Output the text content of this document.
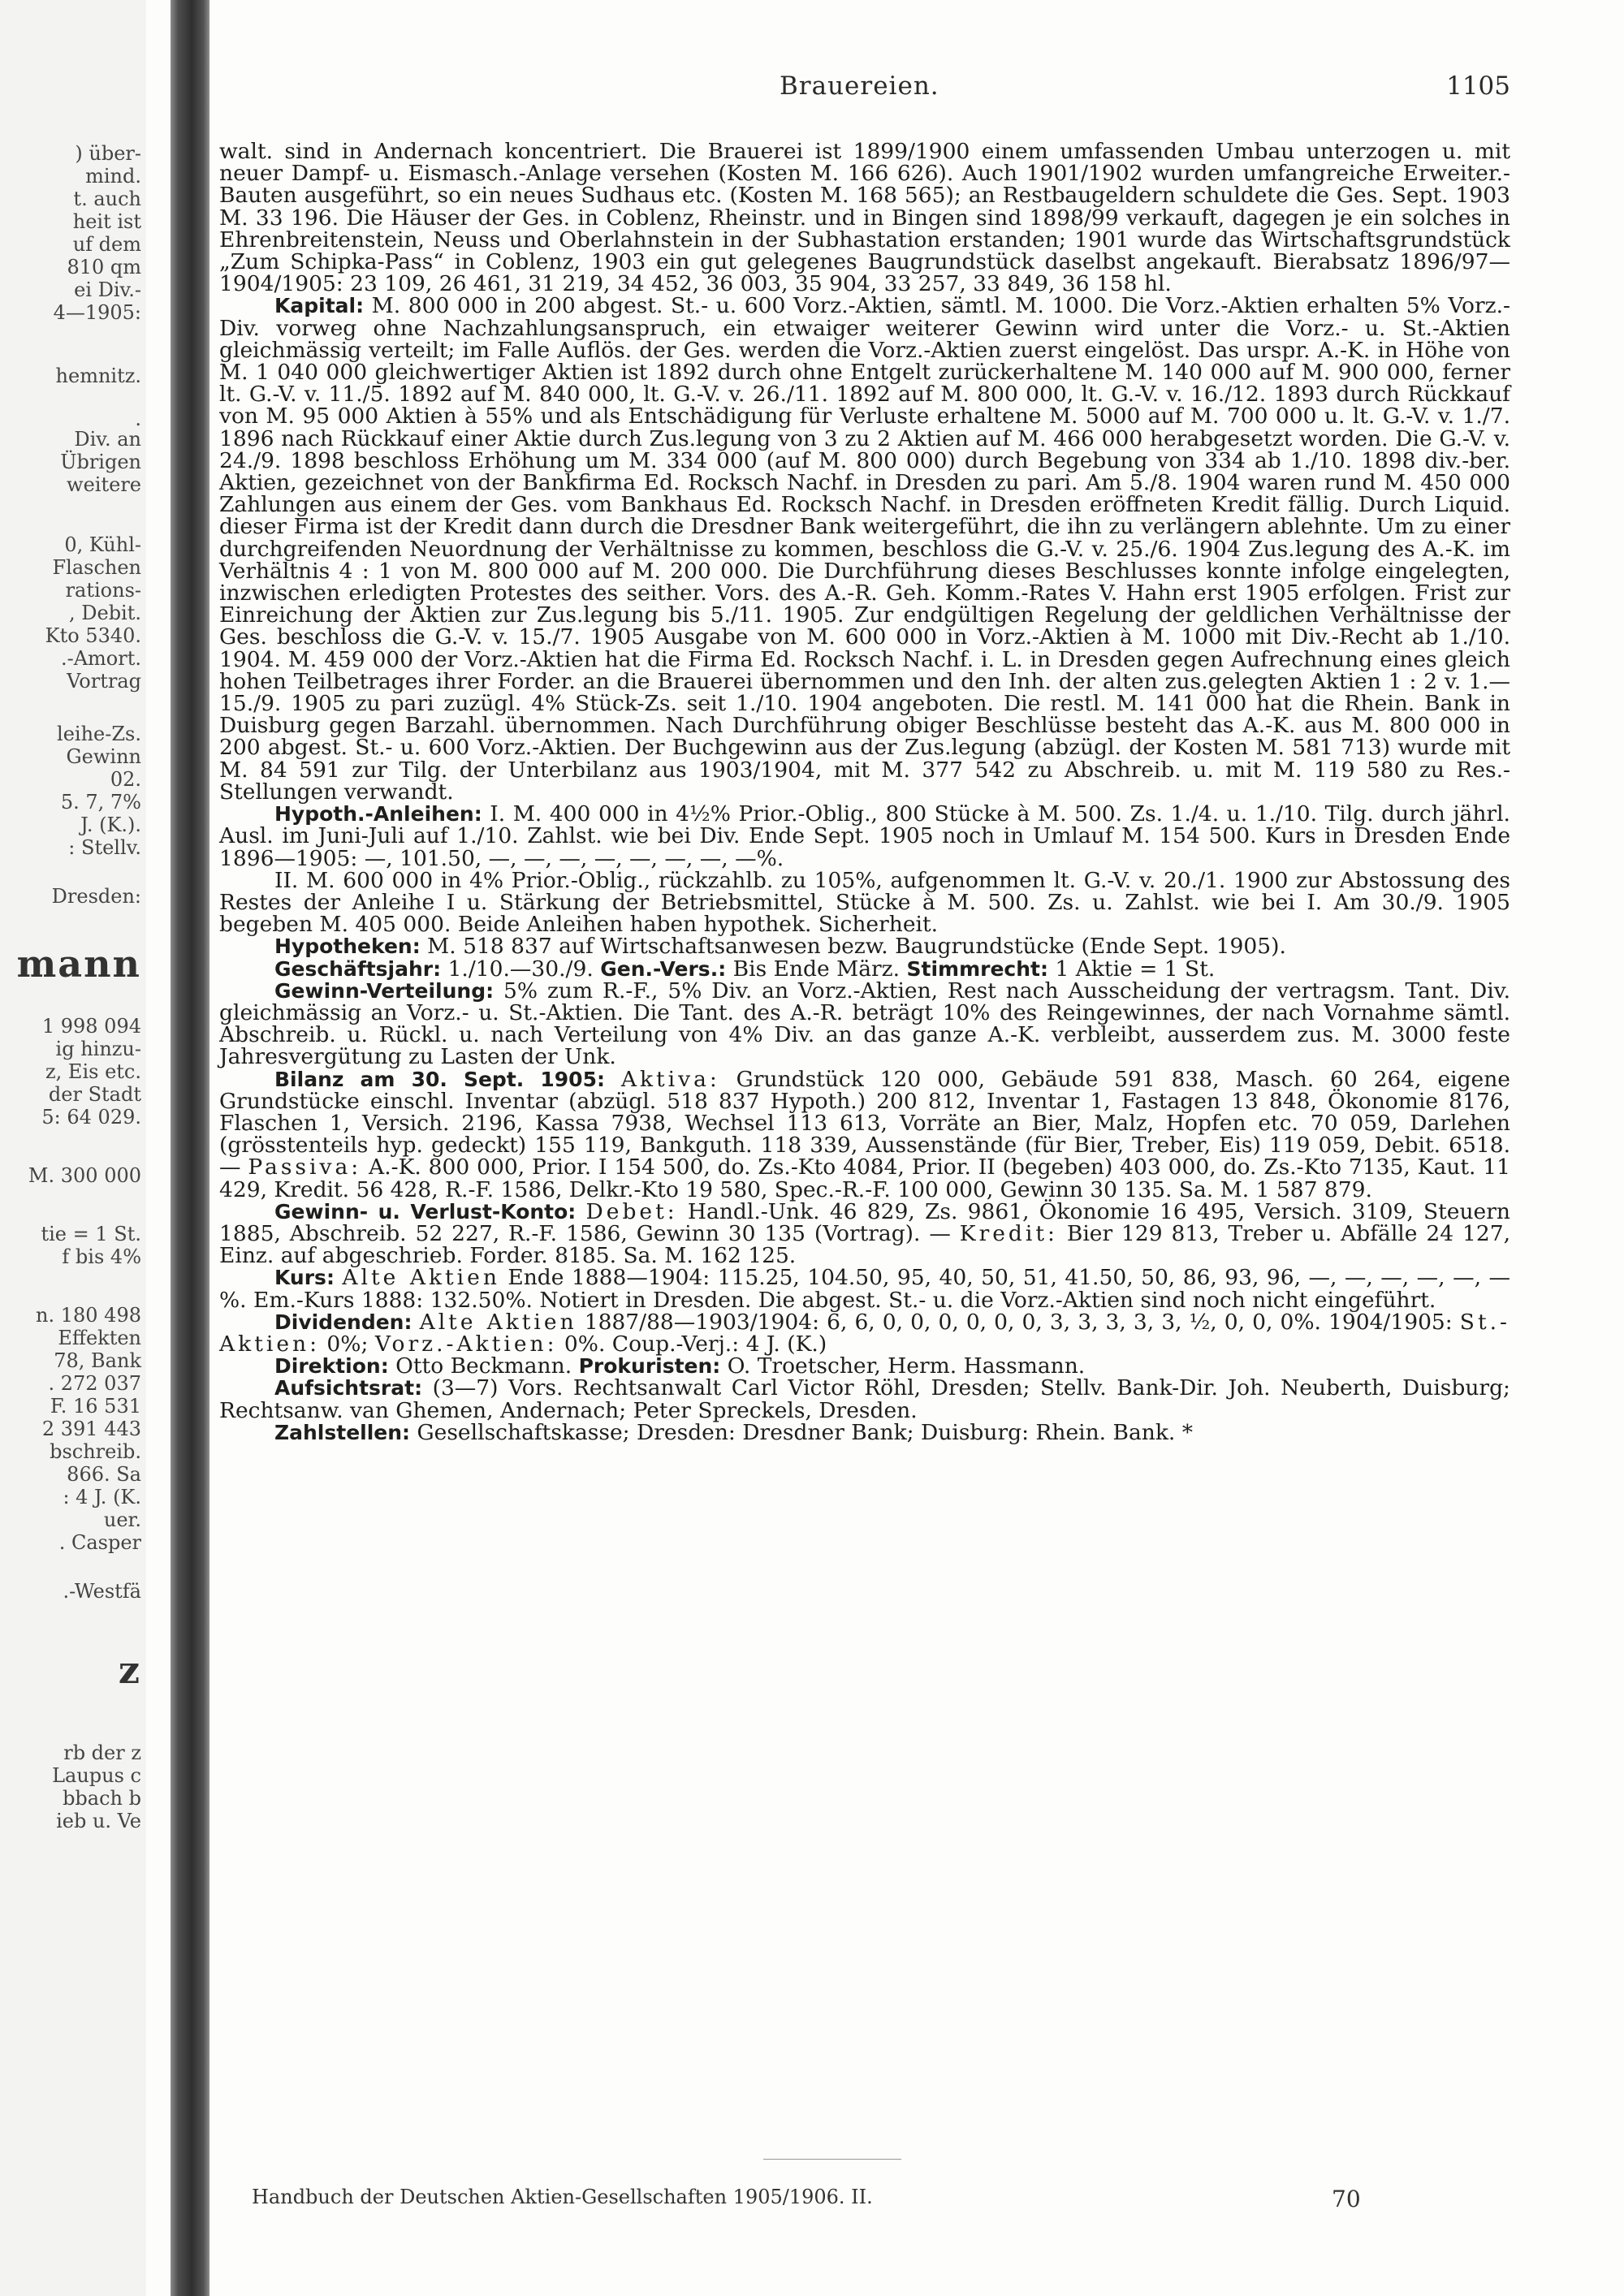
) über-
mind.
t. auch
heit ist
uf dem
810 qm
ei Div.-
4—1905:
hemnitz.
.
Div. an
Übrigen
weitere
0, Kühl-
Flaschen
rations-
, Debit.
Kto 5340.
.-Amort.
Vortrag
leihe-Zs.
Gewinn
02.
5. 7, 7%
J. (K.).
: Stellv.
Dresden:
mann
1 998 094
ig hinzu-
z, Eis etc.
der Stadt
5: 64 029.
M. 300 000
tie = 1 St.
f bis 4%
n. 180 498
Effekten
78, Bank
. 272 037
F. 16 531
2 391 443
bschreib.
866. Sa
: 4 J. (K.
uer.
. Casper
.-Westfä
z
rb der z
Laupus c
bbach b
ieb u. Ve
Brauereien.	1105

walt. sind in Andernach koncentriert. Die Brauerei ist 1899/1900 einem umfassenden Umbau unterzogen u. mit neuer Dampf- u. Eismasch.-Anlage versehen (Kosten M. 166 626). Auch 1901/1902 wurden umfangreiche Erweiter.-Bauten ausgeführt, so ein neues Sudhaus etc. (Kosten M. 168 565); an Restbaugeldern schuldete die Ges. Sept. 1903 M. 33 196. Die Häuser der Ges. in Coblenz, Rheinstr. und in Bingen sind 1898/99 verkauft, dagegen je ein solches in Ehrenbreitenstein, Neuss und Oberlahnstein in der Subhastation erstanden; 1901 wurde das Wirtschaftsgrundstück „Zum Schipka-Pass“ in Coblenz, 1903 ein gut gelegenes Baugrundstück daselbst angekauft. Bierabsatz 1896/97—1904/1905: 23 109, 26 461, 31 219, 34 452, 36 003, 35 904, 33 257, 33 849, 36 158 hl.

Kapital: M. 800 000 in 200 abgest. St.- u. 600 Vorz.-Aktien, sämtl. M. 1000. Die Vorz.-Aktien erhalten 5% Vorz.-Div. vorweg ohne Nachzahlungsanspruch, ein etwaiger weiterer Gewinn wird unter die Vorz.- u. St.-Aktien gleichmässig verteilt; im Falle Auflös. der Ges. werden die Vorz.-Aktien zuerst eingelöst. Das urspr. A.-K. in Höhe von M. 1 040 000 gleichwertiger Aktien ist 1892 durch ohne Entgelt zurückerhaltene M. 140 000 auf M. 900 000, ferner lt. G.-V. v. 11./5. 1892 auf M. 840 000, lt. G.-V. v. 26./11. 1892 auf M. 800 000, lt. G.-V. v. 16./12. 1893 durch Rückkauf von M. 95 000 Aktien à 55% und als Entschädigung für Verluste erhaltene M. 5000 auf M. 700 000 u. lt. G.-V. v. 1./7. 1896 nach Rückkauf einer Aktie durch Zus.legung von 3 zu 2 Aktien auf M. 466 000 herabgesetzt worden. Die G.-V. v. 24./9. 1898 beschloss Erhöhung um M. 334 000 (auf M. 800 000) durch Begebung von 334 ab 1./10. 1898 div.-ber. Aktien, gezeichnet von der Bankfirma Ed. Rocksch Nachf. in Dresden zu pari. Am 5./8. 1904 waren rund M. 450 000 Zahlungen aus einem der Ges. vom Bankhaus Ed. Rocksch Nachf. in Dresden eröffneten Kredit fällig. Durch Liquid. dieser Firma ist der Kredit dann durch die Dresdner Bank weitergeführt, die ihn zu verlängern ablehnte. Um zu einer durchgreifenden Neuordnung der Verhältnisse zu kommen, beschloss die G.-V. v. 25./6. 1904 Zus.legung des A.-K. im Verhältnis 4 : 1 von M. 800 000 auf M. 200 000. Die Durchführung dieses Beschlusses konnte infolge eingelegten, inzwischen erledigten Protestes des seither. Vors. des A.-R. Geh. Komm.-Rates V. Hahn erst 1905 erfolgen. Frist zur Einreichung der Aktien zur Zus.legung bis 5./11. 1905. Zur endgültigen Regelung der geldlichen Verhältnisse der Ges. beschloss die G.-V. v. 15./7. 1905 Ausgabe von M. 600 000 in Vorz.-Aktien à M. 1000 mit Div.-Recht ab 1./10. 1904. M. 459 000 der Vorz.-Aktien hat die Firma Ed. Rocksch Nachf. i. L. in Dresden gegen Aufrechnung eines gleich hohen Teilbetrages ihrer Forder. an die Brauerei übernommen und den Inh. der alten zus.gelegten Aktien 1 : 2 v. 1.—15./9. 1905 zu pari zuzügl. 4% Stück-Zs. seit 1./10. 1904 angeboten. Die restl. M. 141 000 hat die Rhein. Bank in Duisburg gegen Barzahl. übernommen. Nach Durchführung obiger Beschlüsse besteht das A.-K. aus M. 800 000 in 200 abgest. St.- u. 600 Vorz.-Aktien. Der Buchgewinn aus der Zus.legung (abzügl. der Kosten M. 581 713) wurde mit M. 84 591 zur Tilg. der Unterbilanz aus 1903/1904, mit M. 377 542 zu Abschreib. u. mit M. 119 580 zu Res.-Stellungen verwandt.

Hypoth.-Anleihen: I. M. 400 000 in 4½% Prior.-Oblig., 800 Stücke à M. 500. Zs. 1./4. u. 1./10. Tilg. durch jährl. Ausl. im Juni-Juli auf 1./10. Zahlst. wie bei Div. Ende Sept. 1905 noch in Umlauf M. 154 500. Kurs in Dresden Ende 1896—1905: —, 101.50, —, —, —, —, —, —, —, —%.

II. M. 600 000 in 4% Prior.-Oblig., rückzahlb. zu 105%, aufgenommen lt. G.-V. v. 20./1. 1900 zur Abstossung des Restes der Anleihe I u. Stärkung der Betriebsmittel, Stücke à M. 500. Zs. u. Zahlst. wie bei I. Am 30./9. 1905 begeben M. 405 000. Beide Anleihen haben hypothek. Sicherheit.

Hypotheken: M. 518 837 auf Wirtschaftsanwesen bezw. Baugrundstücke (Ende Sept. 1905).

Geschäftsjahr: 1./10.—30./9. Gen.-Vers.: Bis Ende März. Stimmrecht: 1 Aktie = 1 St.

Gewinn-Verteilung: 5% zum R.-F., 5% Div. an Vorz.-Aktien, Rest nach Ausscheidung der vertragsm. Tant. Div. gleichmässig an Vorz.- u. St.-Aktien. Die Tant. des A.-R. beträgt 10% des Reingewinnes, der nach Vornahme sämtl. Abschreib. u. Rückl. u. nach Verteilung von 4% Div. an das ganze A.-K. verbleibt, ausserdem zus. M. 3000 feste Jahresvergütung zu Lasten der Unk.

Bilanz am 30. Sept. 1905: Aktiva: Grundstück 120 000, Gebäude 591 838, Masch. 60 264, eigene Grundstücke einschl. Inventar (abzügl. 518 837 Hypoth.) 200 812, Inventar 1, Fastagen 13 848, Ökonomie 8176, Flaschen 1, Versich. 2196, Kassa 7938, Wechsel 113 613, Vorräte an Bier, Malz, Hopfen etc. 70 059, Darlehen (grösstenteils hyp. gedeckt) 155 119, Bankguth. 118 339, Aussenstände (für Bier, Treber, Eis) 119 059, Debit. 6518. — Passiva: A.-K. 800 000, Prior. I 154 500, do. Zs.-Kto 4084, Prior. II (begeben) 403 000, do. Zs.-Kto 7135, Kaut. 11 429, Kredit. 56 428, R.-F. 1586, Delkr.-Kto 19 580, Spec.-R.-F. 100 000, Gewinn 30 135. Sa. M. 1 587 879.

Gewinn- u. Verlust-Konto: Debet: Handl.-Unk. 46 829, Zs. 9861, Ökonomie 16 495, Versich. 3109, Steuern 1885, Abschreib. 52 227, R.-F. 1586, Gewinn 30 135 (Vortrag). — Kredit: Bier 129 813, Treber u. Abfälle 24 127, Einz. auf abgeschrieb. Forder. 8185. Sa. M. 162 125.

Kurs: Alte Aktien Ende 1888—1904: 115.25, 104.50, 95, 40, 50, 51, 41.50, 50, 86, 93, 96, —, —, —, —, —, —%. Em.-Kurs 1888: 132.50%. Notiert in Dresden. Die abgest. St.- u. die Vorz.-Aktien sind noch nicht eingeführt.

Dividenden: Alte Aktien 1887/88—1903/1904: 6, 6, 0, 0, 0, 0, 0, 0, 3, 3, 3, 3, 3, ½, 0, 0, 0%. 1904/1905: St.-Aktien: 0%; Vorz.-Aktien: 0%. Coup.-Verj.: 4 J. (K.)

Direktion: Otto Beckmann. Prokuristen: O. Troetscher, Herm. Hassmann.

Aufsichtsrat: (3—7) Vors. Rechtsanwalt Carl Victor Röhl, Dresden; Stellv. Bank-Dir. Joh. Neuberth, Duisburg; Rechtsanw. van Ghemen, Andernach; Peter Spreckels, Dresden.

Zahlstellen: Gesellschaftskasse; Dresden: Dresdner Bank; Duisburg: Rhein. Bank. *

Handbuch der Deutschen Aktien-Gesellschaften 1905/1906. II.	70
